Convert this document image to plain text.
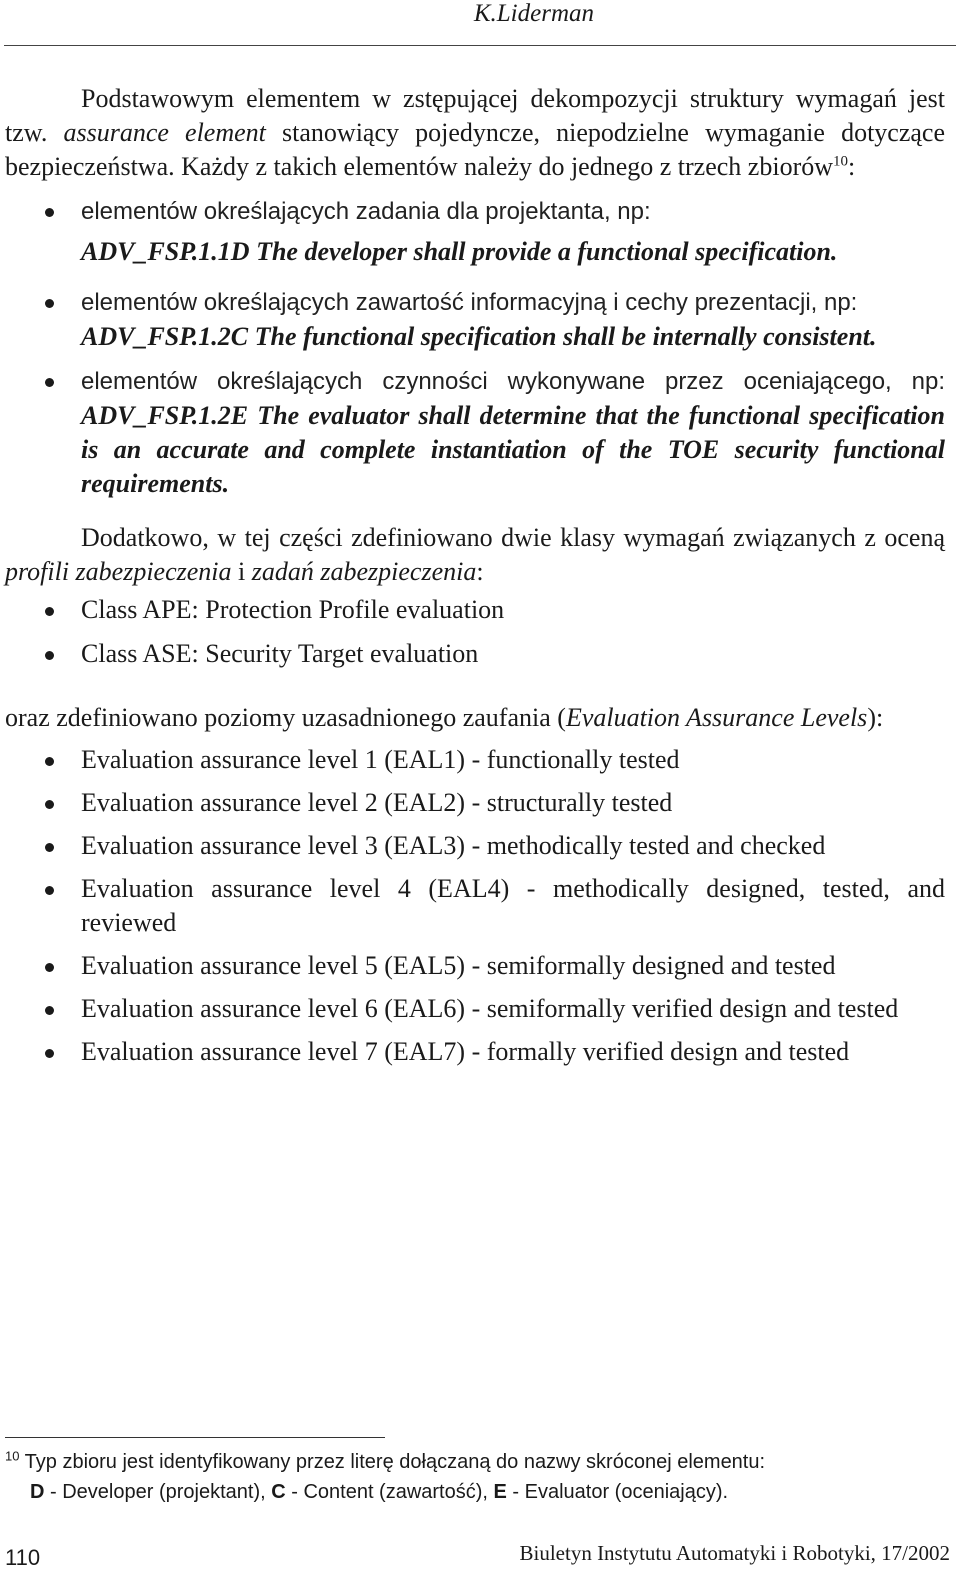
K.Liderman

Podstawowym elementem w zstępującej dekompozycji struktury wymagań jest tzw. assurance element stanowiący pojedyncze, niepodzielne wymaganie dotyczące bezpieczeństwa. Każdy z takich elementów należy do jednego z trzech zbiorów$^{10}$:

elementów określających zadania dla projektanta, np:
ADV_FSP.1.1D The developer shall provide a functional specification.
elementów określających zawartość informacyjną i cechy prezentacji, np:
ADV_FSP.1.2C The functional specification shall be internally consistent.
elementów określających czynności wykonywane przez oceniającego, np: ADV_FSP.1.2E The evaluator shall determine that the functional specification is an accurate and complete instantiation of the TOE security functional requirements.

Dodatkowo, w tej części zdefiniowano dwie klasy wymagań związanych z oceną profili zabezpieczenia i zadań zabezpieczenia:

Class APE: Protection Profile evaluation
Class ASE: Security Target evaluation

oraz zdefiniowano poziomy uzasadnionego zaufania (Evaluation Assurance Levels):

Evaluation assurance level 1 (EAL1) - functionally tested
Evaluation assurance level 2 (EAL2) - structurally tested
Evaluation assurance level 3 (EAL3) - methodically tested and checked
Evaluation assurance level 4 (EAL4) - methodically designed, tested, and reviewed
Evaluation assurance level 5 (EAL5) - semiformally designed and tested
Evaluation assurance level 6 (EAL6) - semiformally verified design and tested
Evaluation assurance level 7 (EAL7) - formally verified design and tested
$^{10}$ Typ zbioru jest identyfikowany przez literę dołączaną do nazwy skróconej elementu:
D - Developer (projektant), C - Content (zawartość), E - Evaluator (oceniający).
110	Biuletyn Instytutu Automatyki i Robotyki, 17/2002
